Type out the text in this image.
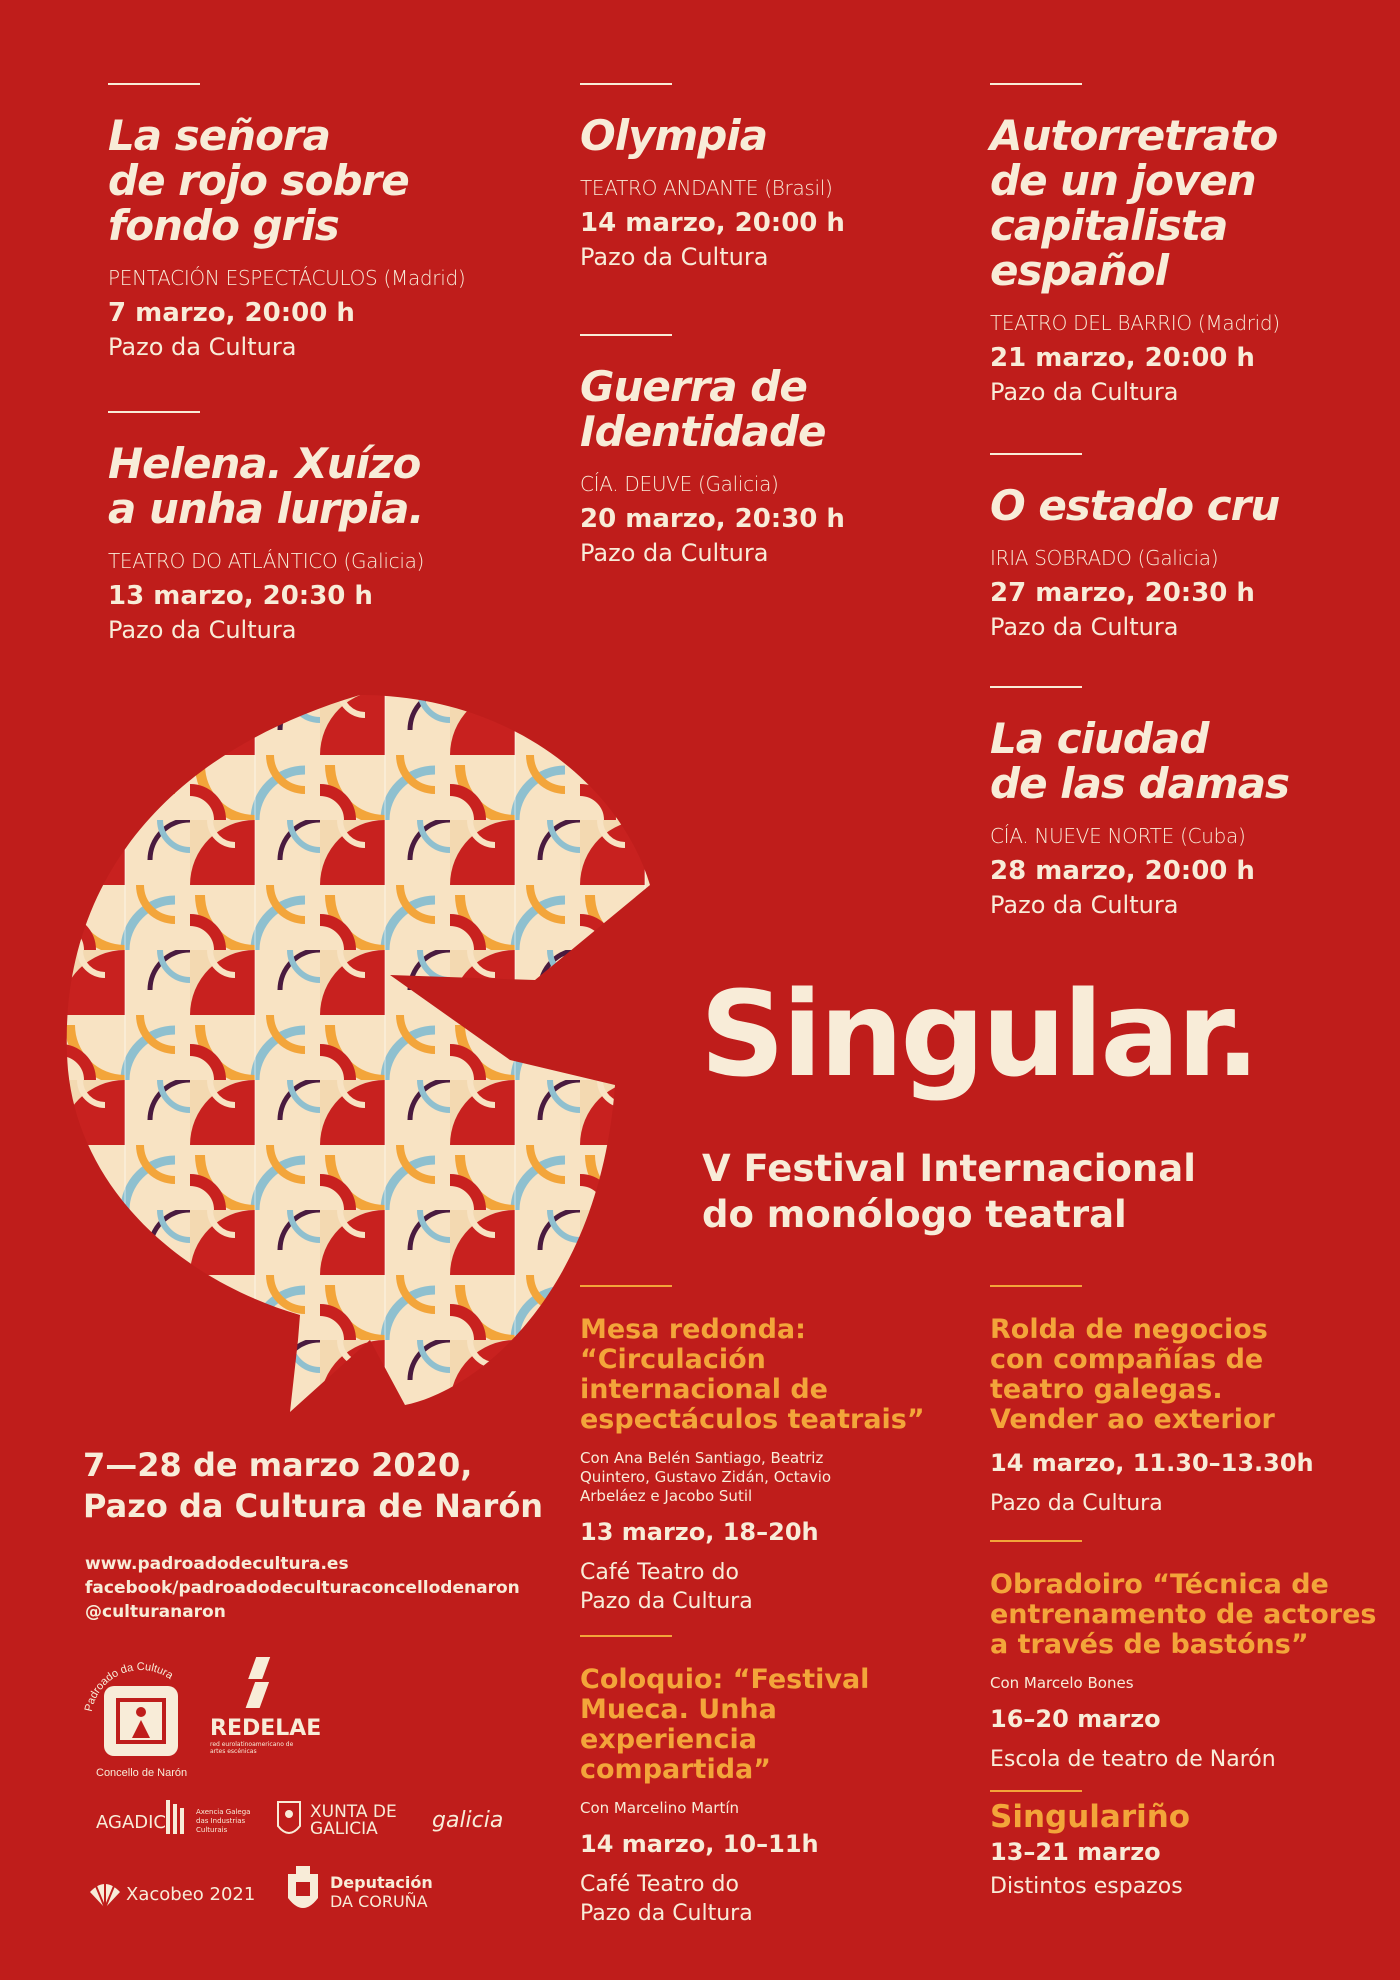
La señora
de rojo sobre
fondo gris
PENTACIÓN ESPECTÁCULOS (Madrid)
7 marzo, 20:00 h
Pazo da Cultura
Helena. Xuízo
a unha lurpia.
TEATRO DO ATLÁNTICO (Galicia)
13 marzo, 20:30 h
Pazo da Cultura
Olympia
TEATRO ANDANTE (Brasil)
14 marzo, 20:00 h
Pazo da Cultura
Guerra de
Identidade
CÍA. DEUVE (Galicia)
20 marzo, 20:30 h
Pazo da Cultura
Autorretrato
de un joven
capitalista
español
TEATRO DEL BARRIO (Madrid)
21 marzo, 20:00 h
Pazo da Cultura
O estado cru
IRIA SOBRADO (Galicia)
27 marzo, 20:30 h
Pazo da Cultura
La ciudad
de las damas
CÍA. NUEVE NORTE (Cuba)
28 marzo, 20:00 h
Pazo da Cultura
Singular.
V Festival Internacional
do monólogo teatral
7—28 de marzo 2020,
Pazo da Cultura de Narón
www.padroadodecultura.es
facebook/padroadodeculturaconcellodenaron
@culturanaron
Mesa redonda:
“Circulación
internacional de
espectáculos teatrais”
Con Ana Belén Santiago, Beatriz
Quintero, Gustavo Zidán, Octavio
Arbeláez e Jacobo Sutil
13 marzo, 18–20h
Café Teatro do
Pazo da Cultura
Coloquio: “Festival
Mueca. Unha
experiencia
compartida”
Con Marcelino Martín
14 marzo, 10–11h
Café Teatro do
Pazo da Cultura
Rolda de negocios
con compañías de
teatro galegas.
Vender ao exterior
14 marzo, 11.30–13.30h
Pazo da Cultura
Obradoiro “Técnica de
entrenamento de actores
a través de bastóns”
Con Marcelo Bones
16–20 marzo
Escola de teatro de Narón
Singulariño
13–21 marzo
Distintos espazos
Padroado da Cultura
Concello de Narón
REDELAE
red eurolatinoamericano de artes escénicas
AGADIC	Axencia Galega das Industrias Culturais
XUNTA DE GALICIA	galicia
Xacobeo 2021
Deputación
DA CORUÑA
